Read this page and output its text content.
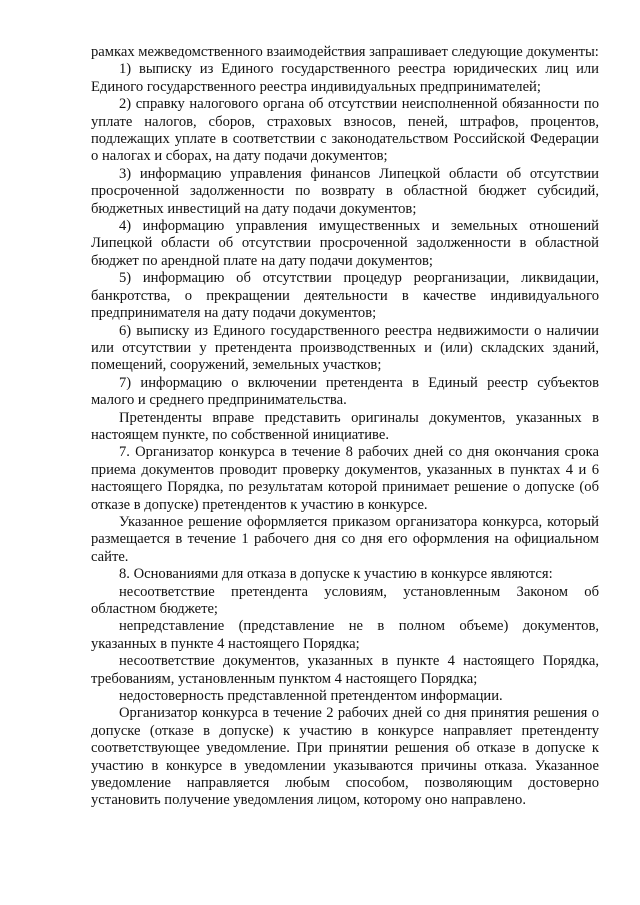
рамках межведомственного взаимодействия запрашивает следующие документы:

1) выписку из Единого государственного реестра юридических лиц или Единого государственного реестра индивидуальных предпринимателей;

2) справку налогового органа об отсутствии неисполненной обязанности по уплате налогов, сборов, страховых взносов, пеней, штрафов, процентов, подлежащих уплате в соответствии с законодательством Российской Федерации о налогах и сборах, на дату подачи документов;

3) информацию управления финансов Липецкой области об отсутствии просроченной задолженности по возврату в областной бюджет субсидий, бюджетных инвестиций на дату подачи документов;

4) информацию управления имущественных и земельных отношений Липецкой области об отсутствии просроченной задолженности в областной бюджет по арендной плате на дату подачи документов;

5) информацию об отсутствии процедур реорганизации, ликвидации, банкротства, о прекращении деятельности в качестве индивидуального предпринимателя на дату подачи документов;

6) выписку из Единого государственного реестра недвижимости о наличии или отсутствии у претендента производственных и (или) складских зданий, помещений, сооружений, земельных участков;

7) информацию о включении претендента в Единый реестр субъектов малого и среднего предпринимательства.

Претенденты вправе представить оригиналы документов, указанных в настоящем пункте, по собственной инициативе.

7. Организатор конкурса в течение 8 рабочих дней со дня окончания срока приема документов проводит проверку документов, указанных в пунктах 4 и 6 настоящего Порядка, по результатам которой принимает решение о допуске (об отказе в допуске) претендентов к участию в конкурсе.

Указанное решение оформляется приказом организатора конкурса, который размещается в течение 1 рабочего дня со дня его оформления на официальном сайте.

8. Основаниями для отказа в допуске к участию в конкурсе являются:

несоответствие претендента условиям, установленным Законом об областном бюджете;

непредставление (представление не в полном объеме) документов, указанных в пункте 4 настоящего Порядка;

несоответствие документов, указанных в пункте 4 настоящего Порядка, требованиям, установленным пунктом 4 настоящего Порядка;

недостоверность представленной претендентом информации.

Организатор конкурса в течение 2 рабочих дней со дня принятия решения о допуске (отказе в допуске) к участию в конкурсе направляет претенденту соответствующее уведомление. При принятии решения об отказе в допуске к участию в конкурсе в уведомлении указываются причины отказа. Указанное уведомление направляется любым способом, позволяющим достоверно установить получение уведомления лицом, которому оно направлено.
